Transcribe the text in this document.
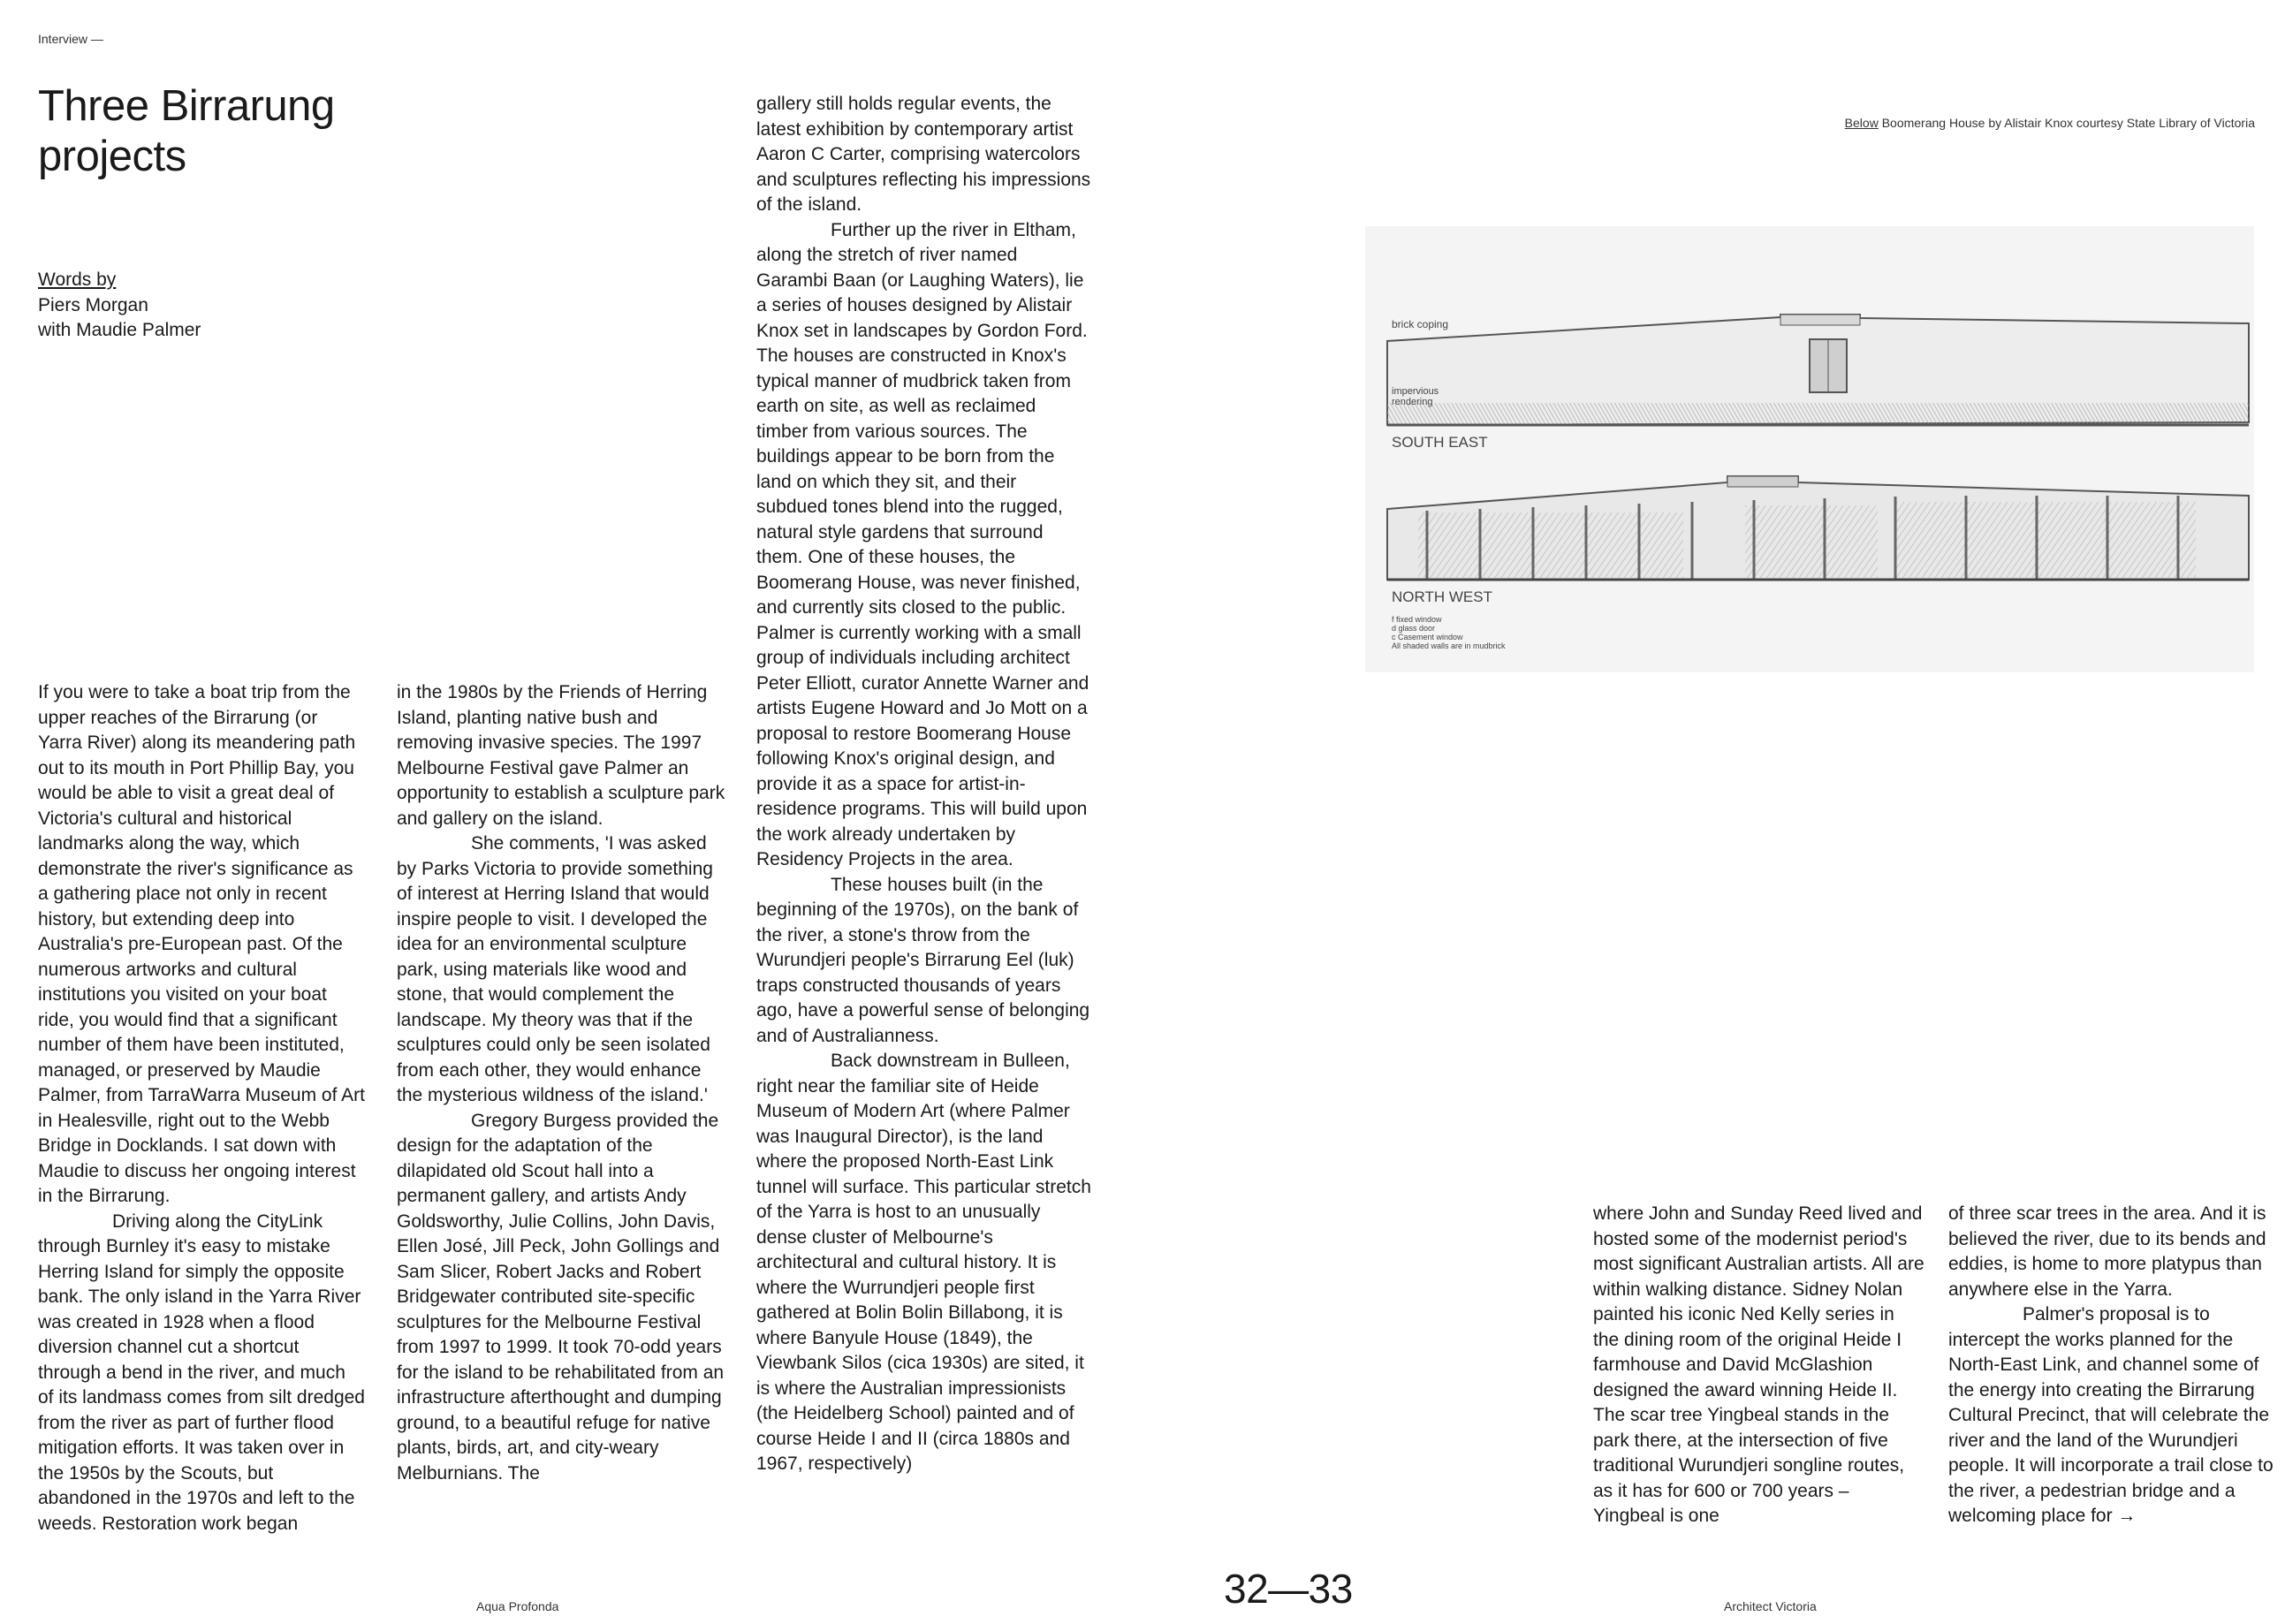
Interview —
Three Birrarung
projects
Words by
Piers Morgan
with Maudie Palmer

If you were to take a boat trip from the upper reaches of the Birrarung (or Yarra River) along its meandering path out to its mouth in Port Phillip Bay, you would be able to visit a great deal of Victoria's cultural and historical landmarks along the way, which demonstrate the river's significance as a gathering place not only in recent history, but extending deep into Australia's pre-European past. Of the numerous artworks and cultural institutions you visited on your boat ride, you would find that a significant number of them have been instituted, managed, or preserved by Maudie Palmer, from TarraWarra Museum of Art in Healesville, right out to the Webb Bridge in Docklands. I sat down with Maudie to discuss her ongoing interest in the Birrarung.

Driving along the CityLink through Burnley it's easy to mistake Herring Island for simply the opposite bank. The only island in the Yarra River was created in 1928 when a flood diversion channel cut a shortcut through a bend in the river, and much of its landmass comes from silt dredged from the river as part of further flood mitigation efforts. It was taken over in the 1950s by the Scouts, but abandoned in the 1970s and left to the weeds. Restoration work began

in the 1980s by the Friends of Herring Island, planting native bush and removing invasive species. The 1997 Melbourne Festival gave Palmer an opportunity to establish a sculpture park and gallery on the island.

She comments, 'I was asked by Parks Victoria to provide something of interest at Herring Island that would inspire people to visit. I developed the idea for an environmental sculpture park, using materials like wood and stone, that would complement the landscape. My theory was that if the sculptures could only be seen isolated from each other, they would enhance the mysterious wildness of the island.'

Gregory Burgess provided the design for the adaptation of the dilapidated old Scout hall into a permanent gallery, and artists Andy Goldsworthy, Julie Collins, John Davis, Ellen José, Jill Peck, John Gollings and Sam Slicer, Robert Jacks and Robert Bridgewater contributed site-specific sculptures for the Melbourne Festival from 1997 to 1999. It took 70-odd years for the island to be rehabilitated from an infrastructure afterthought and dumping ground, to a beautiful refuge for native plants, birds, art, and city-weary Melburnians. The

gallery still holds regular events, the latest exhibition by contemporary artist Aaron C Carter, comprising watercolors and sculptures reflecting his impressions of the island.

Further up the river in Eltham, along the stretch of river named Garambi Baan (or Laughing Waters), lie a series of houses designed by Alistair Knox set in landscapes by Gordon Ford. The houses are constructed in Knox's typical manner of mudbrick taken from earth on site, as well as reclaimed timber from various sources. The buildings appear to be born from the land on which they sit, and their subdued tones blend into the rugged, natural style gardens that surround them. One of these houses, the Boomerang House, was never finished, and currently sits closed to the public. Palmer is currently working with a small group of individuals including architect Peter Elliott, curator Annette Warner and artists Eugene Howard and Jo Mott on a proposal to restore Boomerang House following Knox's original design, and provide it as a space for artist-in-residence programs. This will build upon the work already undertaken by Residency Projects in the area.

These houses built (in the beginning of the 1970s), on the bank of the river, a stone's throw from the Wurundjeri people's Birrarung Eel (luk) traps constructed thousands of years ago, have a powerful sense of belonging and of Australianness.

Back downstream in Bulleen, right near the familiar site of Heide Museum of Modern Art (where Palmer was Inaugural Director), is the land where the proposed North-East Link tunnel will surface. This particular stretch of the Yarra is host to an unusually dense cluster of Melbourne's architectural and cultural history. It is where the Wurrundjeri people first gathered at Bolin Bolin Billabong, it is where Banyule House (1849), the Viewbank Silos (cica 1930s) are sited, it is where the Australian impressionists (the Heidelberg School) painted and of course Heide I and II (circa 1880s and 1967, respectively)

where John and Sunday Reed lived and hosted some of the modernist period's most significant Australian artists. All are within walking distance. Sidney Nolan painted his iconic Ned Kelly series in the dining room of the original Heide I farmhouse and David McGlashion designed the award winning Heide II. The scar tree Yingbeal stands in the park there, at the intersection of five traditional Wurundjeri songline routes, as it has for 600 or 700 years – Yingbeal is one

of three scar trees in the area. And it is believed the river, due to its bends and eddies, is home to more platypus than anywhere else in the Yarra.

Palmer's proposal is to intercept the works planned for the North-East Link, and channel some of the energy into creating the Birrarung Cultural Precinct, that will celebrate the river and the land of the Wurundjeri people. It will incorporate a trail close to the river, a pedestrian bridge and a welcoming place for →

Below Boomerang House by Alistair Knox courtesy State Library of Victoria
brick coping
impervious
rendering
SOUTH EAST
NORTH WEST
f fixed window
d glass door
c Casement window
All shaded walls are in mudbrick
Aqua Profonda	32—33	Architect Victoria
